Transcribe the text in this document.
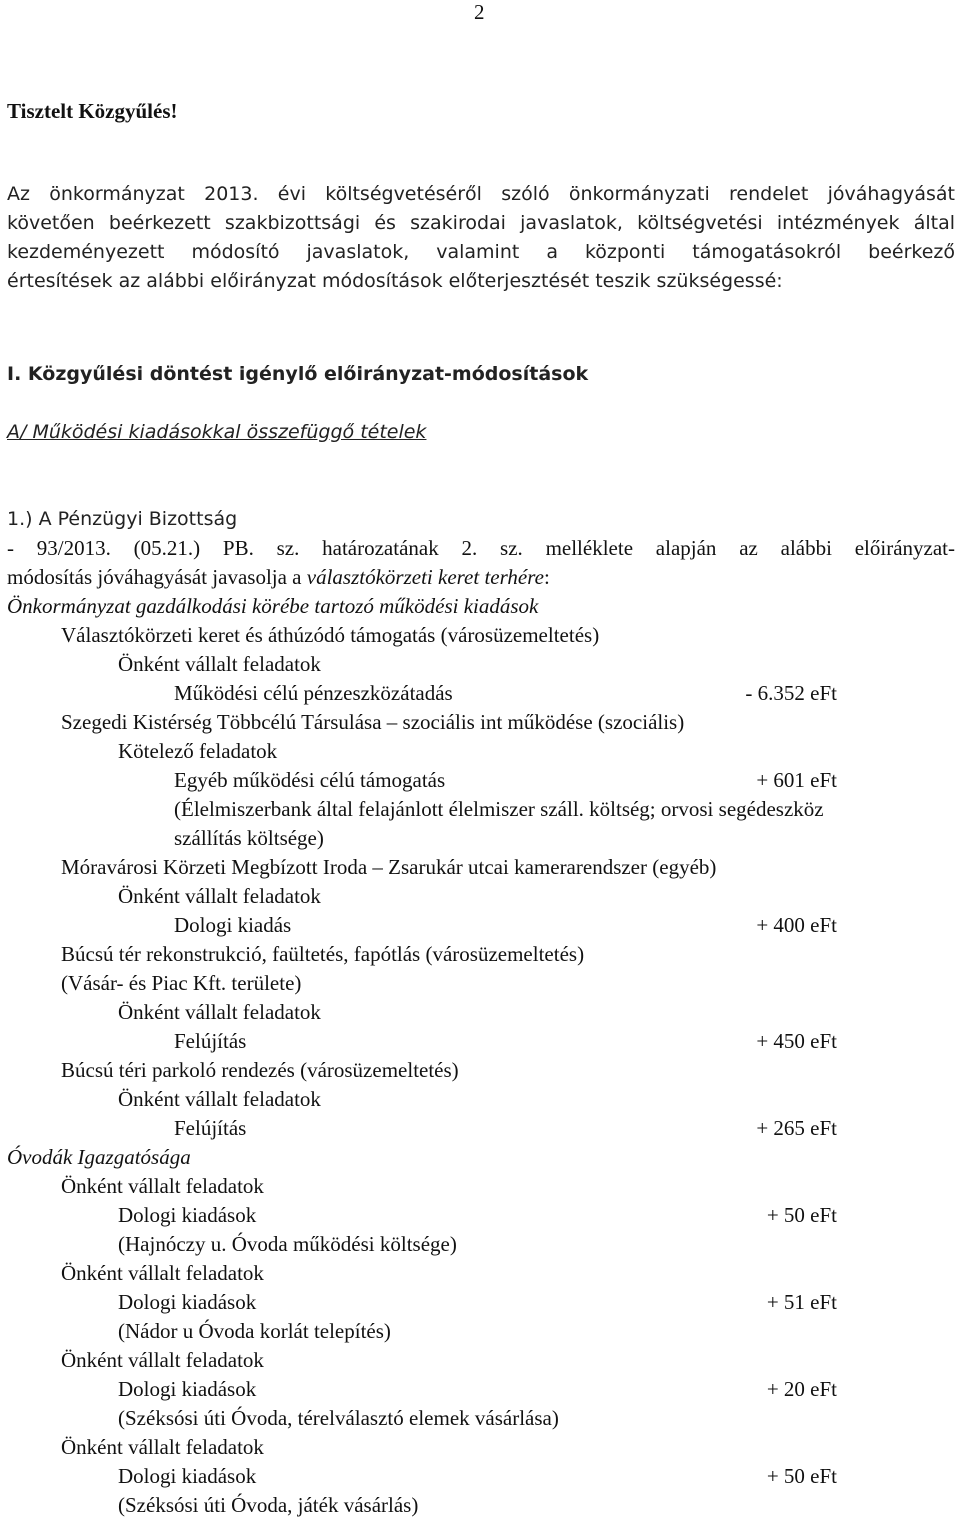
2
Tisztelt Közgyűlés!
Az önkormányzat 2013. évi költségvetéséről szóló önkormányzati rendelet jóváhagyását
követően beérkezett szakbizottsági és szakirodai javaslatok, költségvetési intézmények által
kezdeményezett módosító javaslatok, valamint a központi támogatásokról beérkező
értesítések az alábbi előirányzat módosítások előterjesztését teszik szükségessé:
I. Közgyűlési döntést igénylő előirányzat-módosítások
A/ Működési kiadásokkal összefüggő tételek
1.) A Pénzügyi Bizottság
- 93/2013. (05.21.) PB. sz. határozatának 2. sz. melléklete alapján az alábbi előirányzat-
módosítás jóváhagyását javasolja a választókörzeti keret terhére:
Önkormányzat gazdálkodási körébe tartozó működési kiadások
Választókörzeti keret és áthúzódó támogatás (városüzemeltetés)
Önként vállalt feladatok
Működési célú pénzeszközátadás	- 6.352 eFt
Szegedi Kistérség Többcélú Társulása – szociális int működése (szociális)
Kötelező feladatok
Egyéb működési célú támogatás	+ 601 eFt
(Élelmiszerbank által felajánlott élelmiszer száll. költség; orvosi segédeszköz
szállítás költsége)
Móravárosi Körzeti Megbízott Iroda – Zsarukár utcai kamerarendszer (egyéb)
Önként vállalt feladatok
Dologi kiadás	+ 400 eFt
Búcsú tér rekonstrukció, faültetés, fapótlás (városüzemeltetés)
(Vásár- és Piac Kft. területe)
Önként vállalt feladatok
Felújítás	+ 450 eFt
Búcsú téri parkoló rendezés (városüzemeltetés)
Önként vállalt feladatok
Felújítás	+ 265 eFt
Óvodák Igazgatósága
Önként vállalt feladatok
Dologi kiadások	+ 50 eFt
(Hajnóczy u. Óvoda működési költsége)
Önként vállalt feladatok
Dologi kiadások	+ 51 eFt
(Nádor u Óvoda korlát telepítés)
Önként vállalt feladatok
Dologi kiadások	+ 20 eFt
(Széksósi úti Óvoda, térelválasztó elemek vásárlása)
Önként vállalt feladatok
Dologi kiadások	+ 50 eFt
(Széksósi úti Óvoda, játék vásárlás)
